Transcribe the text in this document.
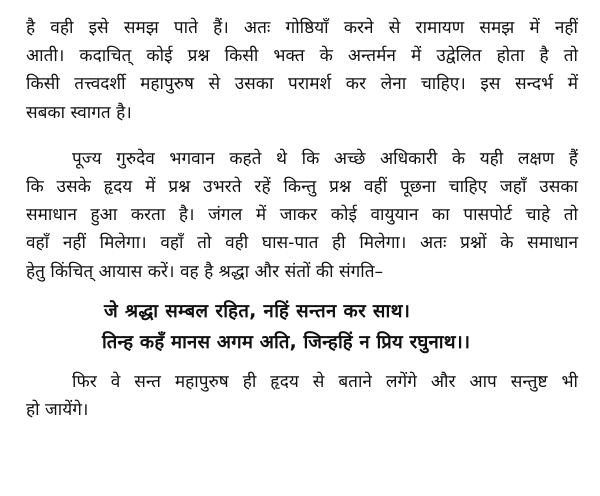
है वही इसे समझ पाते हैं। अतः गोष्ठियाँ करने से रामायण समझ में नहीं
आती। कदाचित् कोई प्रश्न किसी भक्त के अन्तर्मन में उद्वेलित होता है तो
किसी तत्त्वदर्शी महापुरुष से उसका परामर्श कर लेना चाहिए। इस सन्दर्भ में
सबका स्वागत है।
पूज्य गुरुदेव भगवान कहते थे कि अच्छे अधिकारी के यही लक्षण हैं
कि उसके हृदय में प्रश्न उभरते रहें किन्तु प्रश्न वहीं पूछना चाहिए जहाँ उसका
समाधान हुआ करता है। जंगल में जाकर कोई वायुयान का पासपोर्ट चाहे तो
वहाँ नहीं मिलेगा। वहाँ तो वही घास-पात ही मिलेगा। अतः प्रश्नों के समाधान
हेतु किंचित् आयास करें। वह है श्रद्धा और संतों की संगति–
जे श्रद्धा सम्बल रहित, नहिं सन्तन कर साथ।
तिन्ह कहँ मानस अगम अति, जिन्हहिं न प्रिय रघुनाथ।।
फिर वे सन्त महापुरुष ही हृदय से बताने लगेंगे और आप सन्तुष्ट भी
हो जायेंगे।
